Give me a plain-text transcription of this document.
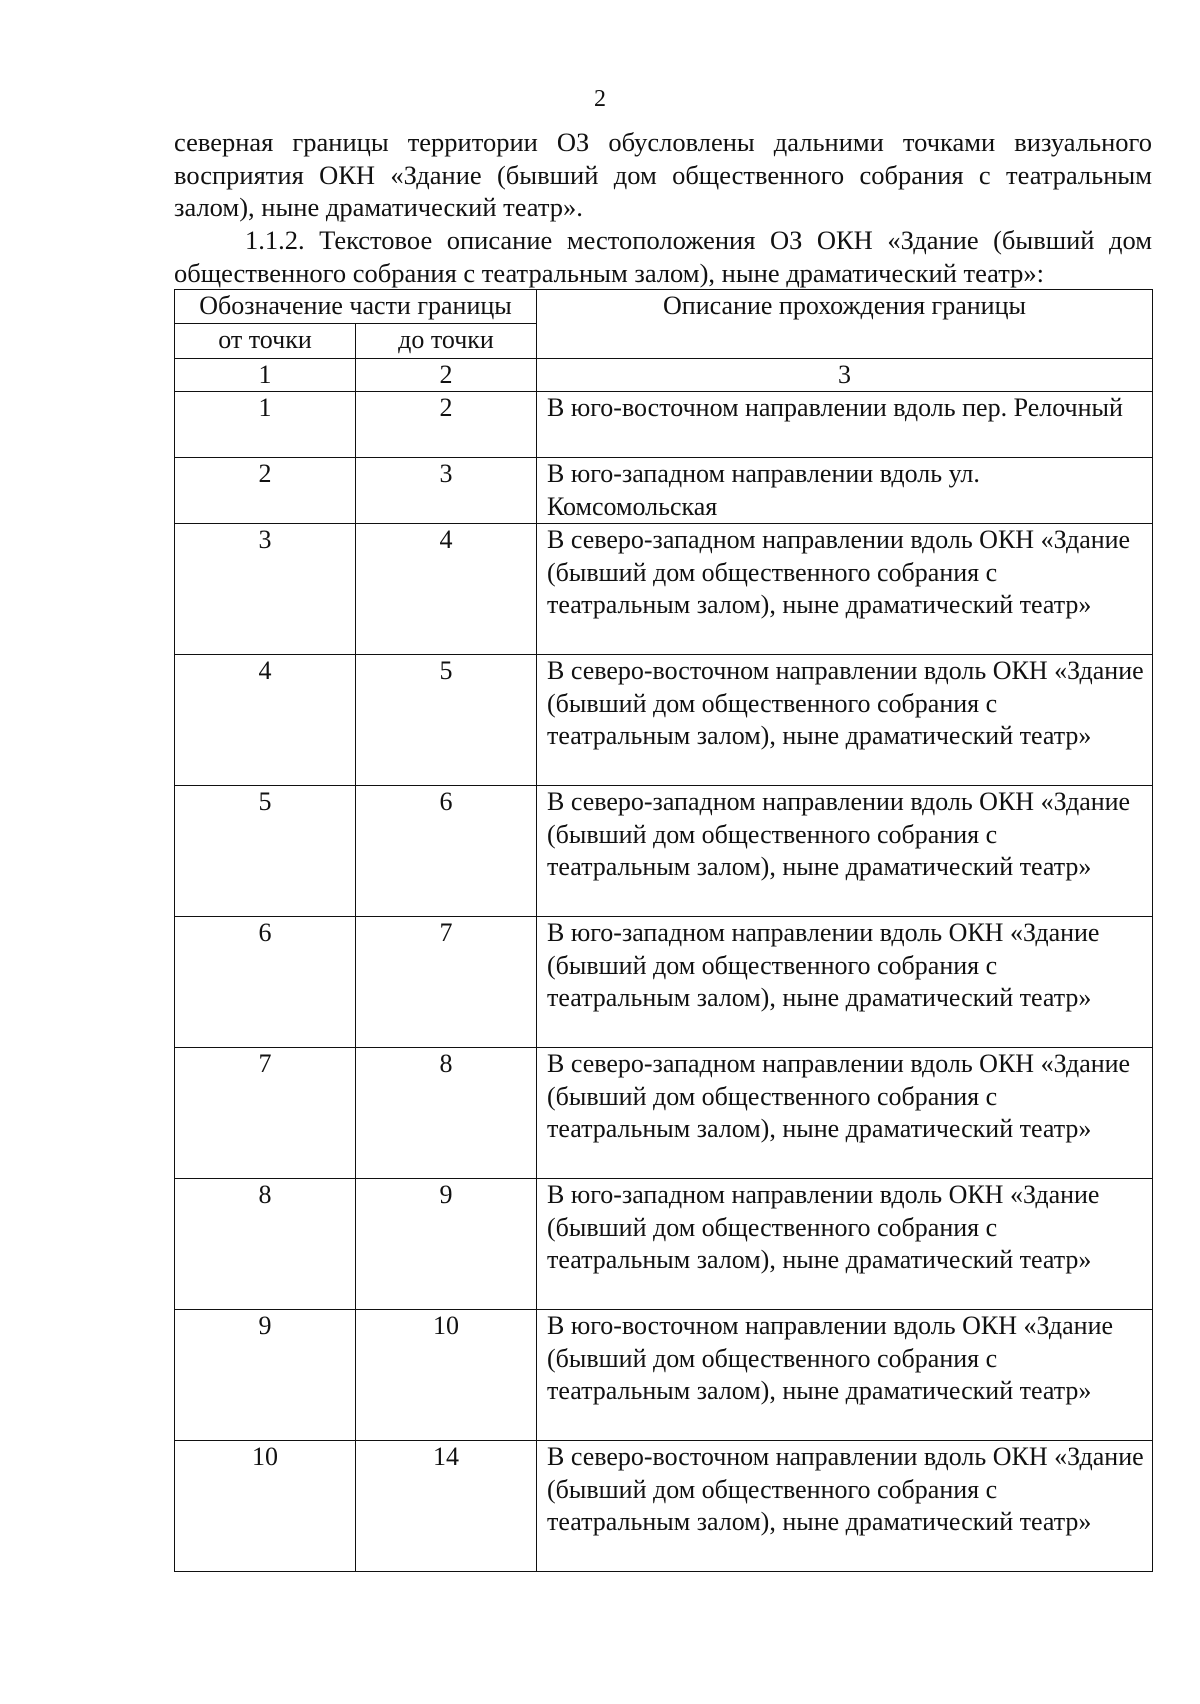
2

северная границы территории ОЗ обусловлены дальними точками визуального восприятия ОКН «Здание (бывший дом общественного собрания с театральным залом), ныне драматический театр».

1.1.2. Текстовое описание местоположения ОЗ ОКН «Здание (бывший дом общественного собрания с театральным залом), ныне драматический театр»:

Обозначение части границы		Описание прохождения границы
от точки	до точки	
1	2	3
1	2	В юго-восточном направлении вдоль пер. Релочный
2	3	В юго-западном направлении вдоль ул. Комсомольская
3	4	В северо-западном направлении вдоль ОКН «Здание (бывший дом общественного собрания с театральным залом), ныне драматический театр»
4	5	В северо-восточном направлении вдоль ОКН «Здание (бывший дом общественного собрания с театральным залом), ныне драматический театр»
5	6	В северо-западном направлении вдоль ОКН «Здание (бывший дом общественного собрания с театральным залом), ныне драматический театр»
6	7	В юго-западном направлении вдоль ОКН «Здание (бывший дом общественного собрания с театральным залом), ныне драматический театр»
7	8	В северо-западном направлении вдоль ОКН «Здание (бывший дом общественного собрания с театральным залом), ныне драматический театр»
8	9	В юго-западном направлении вдоль ОКН «Здание (бывший дом общественного собрания с театральным залом), ныне драматический театр»
9	10	В юго-восточном направлении вдоль ОКН «Здание (бывший дом общественного собрания с театральным залом), ныне драматический театр»
10	14	В северо-восточном направлении вдоль ОКН «Здание (бывший дом общественного собрания с театральным залом), ныне драматический театр»
